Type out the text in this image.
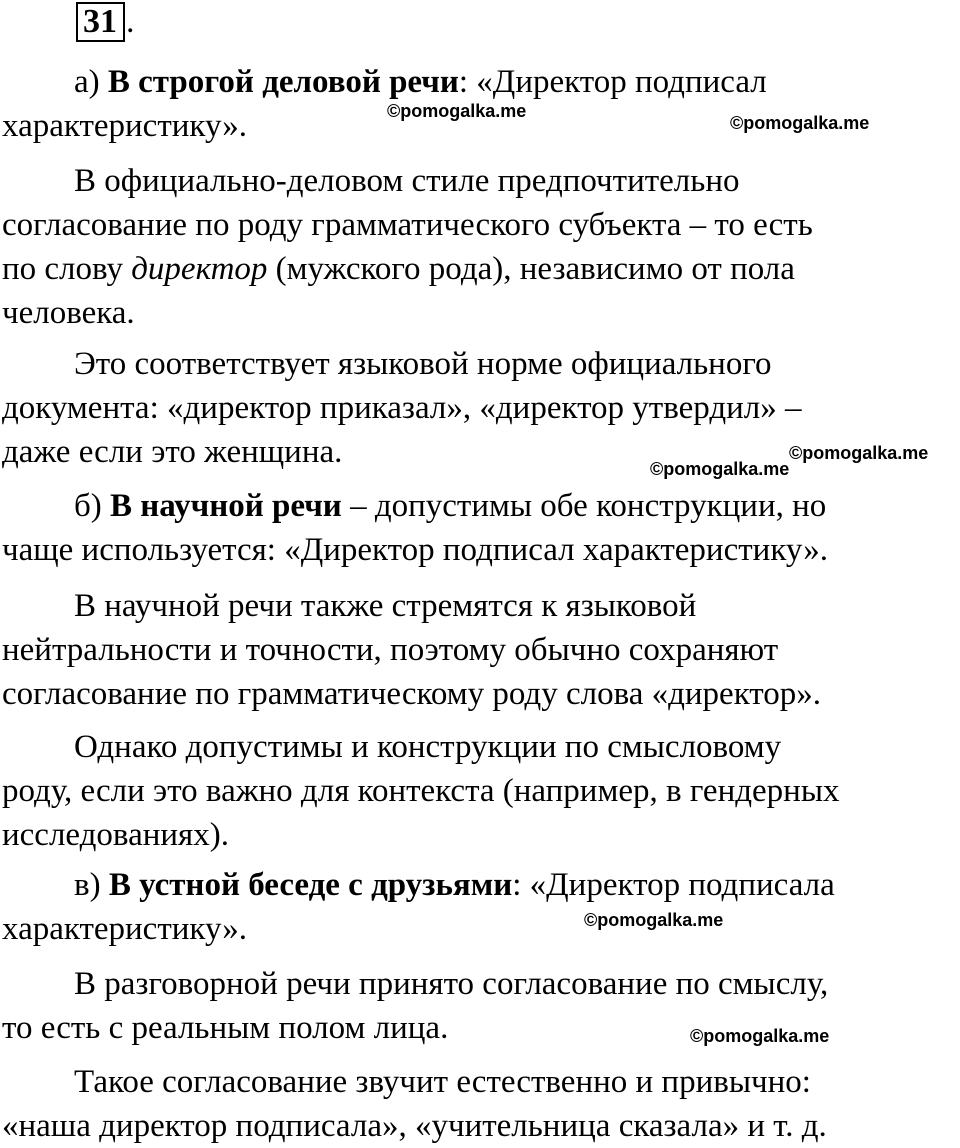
31 .

а) В строгой деловой речи: «Директор подписал
характеристику».

В официально-деловом стиле предпочтительно
согласование по роду грамматического субъекта – то есть
по слову директор (мужского рода), независимо от пола
человека.

Это соответствует языковой норме официального
документа: «директор приказал», «директор утвердил» –
даже если это женщина.

б) В научной речи – допустимы обе конструкции, но
чаще используется: «Директор подписал характеристику».

В научной речи также стремятся к языковой
нейтральности и точности, поэтому обычно сохраняют
согласование по грамматическому роду слова «директор».

Однако допустимы и конструкции по смысловому
роду, если это важно для контекста (например, в гендерных
исследованиях).

в) В устной беседе с друзьями: «Директор подписала
характеристику».

В разговорной речи принято согласование по смыслу,
то есть с реальным полом лица.

Такое согласование звучит естественно и привычно:
«наша директор подписала», «учительница сказала» и т. д.

©pomogalka.me
©pomogalka.me
©pomogalka.me
©pomogalka.me
©pomogalka.me
©pomogalka.me
